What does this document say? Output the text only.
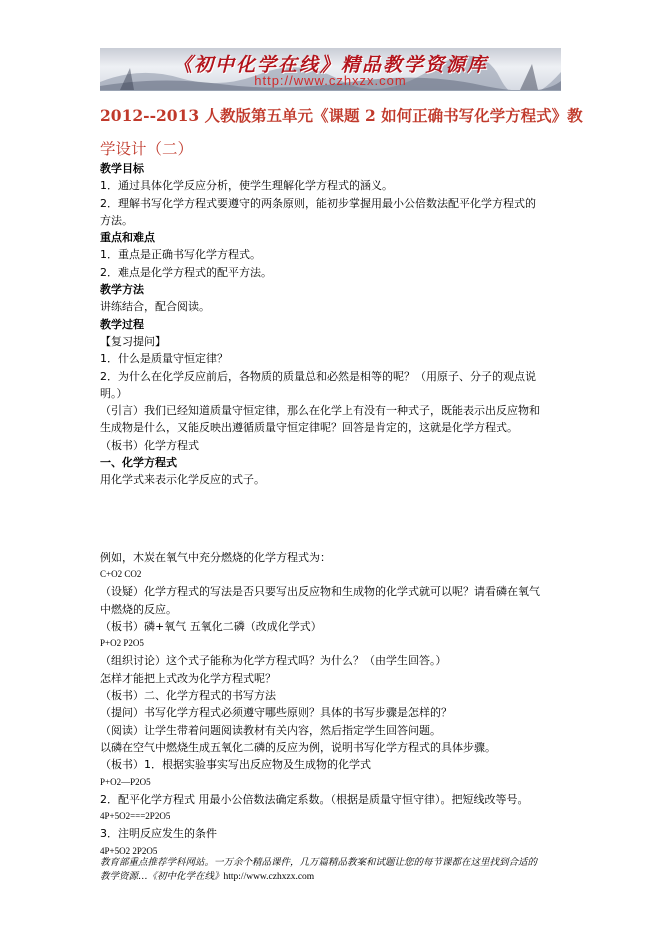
《初中化学在线》精品教学资源库
http://www.czhxzx.com
2012--2013 人教版第五单元《课题 2 如何正确书写化学方程式》教
学设计（二）

教学目标

1．通过具体化学反应分析，使学生理解化学方程式的涵义。

2．理解书写化学方程式要遵守的两条原则，能初步掌握用最小公倍数法配平化学方程式的

方法。

重点和难点

1．重点是正确书写化学方程式。

2．难点是化学方程式的配平方法。

教学方法

讲练结合，配合阅读。

教学过程

【复习提问】

1．什么是质量守恒定律？

2．为什么在化学反应前后，各物质的质量总和必然是相等的呢？（用原子、分子的观点说

明。）

（引言）我们已经知道质量守恒定律，那么在化学上有没有一种式子，既能表示出反应物和

生成物是什么，又能反映出遵循质量守恒定律呢？回答是肯定的，这就是化学方程式。

（板书）化学方程式

一、化学方程式

用化学式来表示化学反应的式子。

例如，木炭在氧气中充分燃烧的化学方程式为：

C+O2 CO2

（设疑）化学方程式的写法是否只要写出反应物和生成物的化学式就可以呢？请看磷在氧气

中燃烧的反应。

（板书）磷+氧气 五氧化二磷（改成化学式）

P+O2 P2O5

（组织讨论）这个式子能称为化学方程式吗？为什么？（由学生回答。）

怎样才能把上式改为化学方程式呢？

（板书）二、化学方程式的书写方法

（提问）书写化学方程式必须遵守哪些原则？具体的书写步骤是怎样的？

（阅读）让学生带着问题阅读教材有关内容，然后指定学生回答问题。

以磷在空气中燃烧生成五氧化二磷的反应为例，说明书写化学方程式的具体步骤。

（板书）1．根据实验事实写出反应物及生成物的化学式

P+O2—P2O5

2．配平化学方程式 用最小公倍数法确定系数。（根据是质量守恒守律）。把短线改等号。

4P+5O2===2P2O5

3．注明反应发生的条件

4P+5O2 2P2O5

教育部重点推荐学科网站。一万余个精品课件，几万篇精品教案和试题让您的每节课都在这里找到合适的
教学资源…《初中化学在线》http://www.czhxzx.com
